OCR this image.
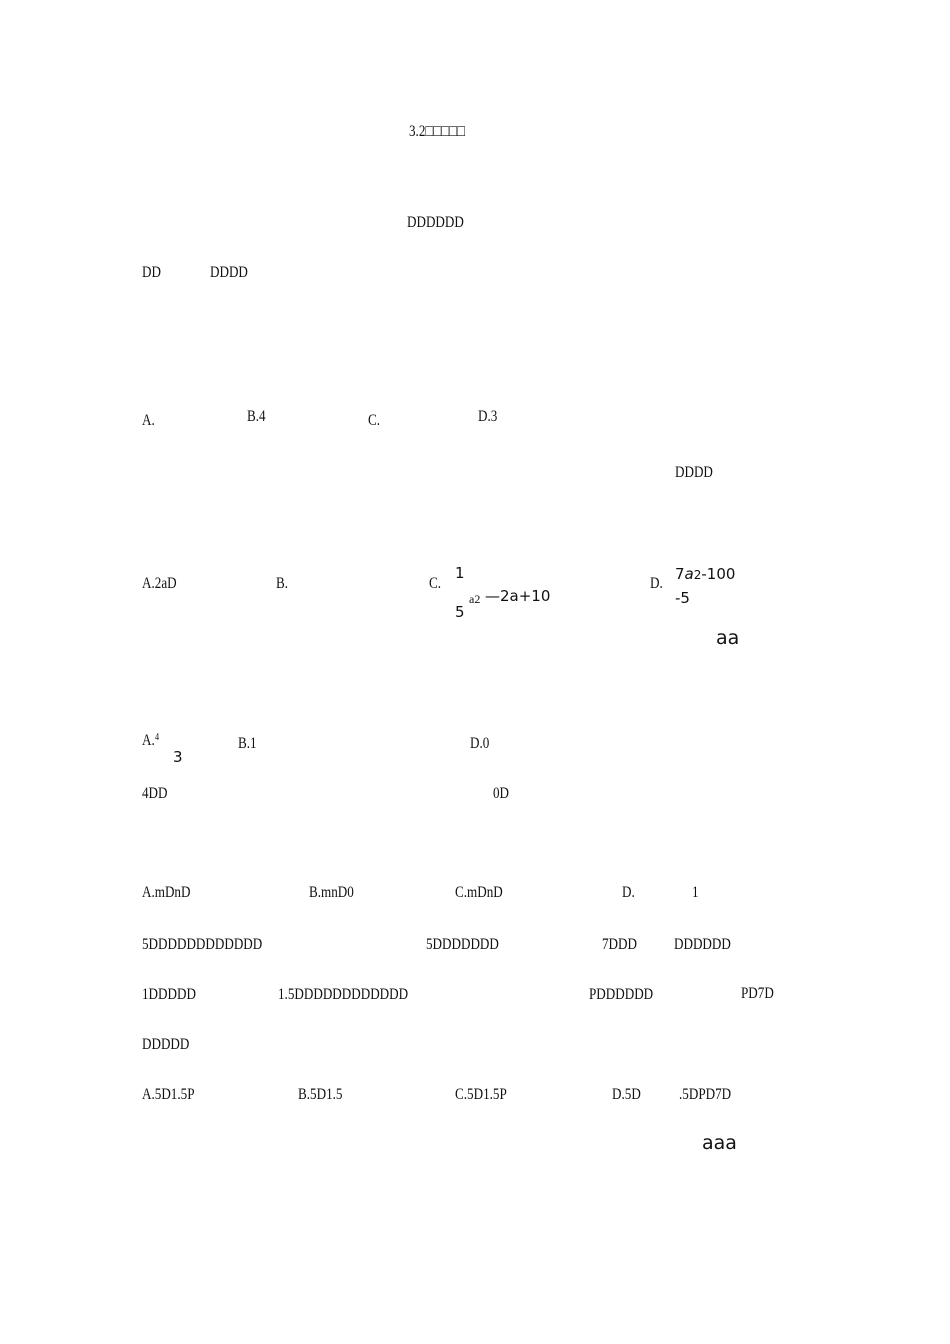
3.2□□□□□
DDDDDD
DD	DDDD
A.	B.4	C.	D.3
DDDD
A.2aD	B.	C.
1
5
a2 —2a+10
D.
7a2-100
-5
aa
A. 4
3
B.1	D.0
4DD	0D
A.mDnD	B.mnD0	C.mDnD	D.	1
5DDDDDDDDDDDD	5DDDDDDD	7DDD DDDDDD
1DDDDD	1.5DDDDDDDDDDDD	PDDDDDD	PD7D
DDDDD
A.5D1.5P	B.5D1.5	C.5D1.5P	D.5D .5DPD7D
aaa
